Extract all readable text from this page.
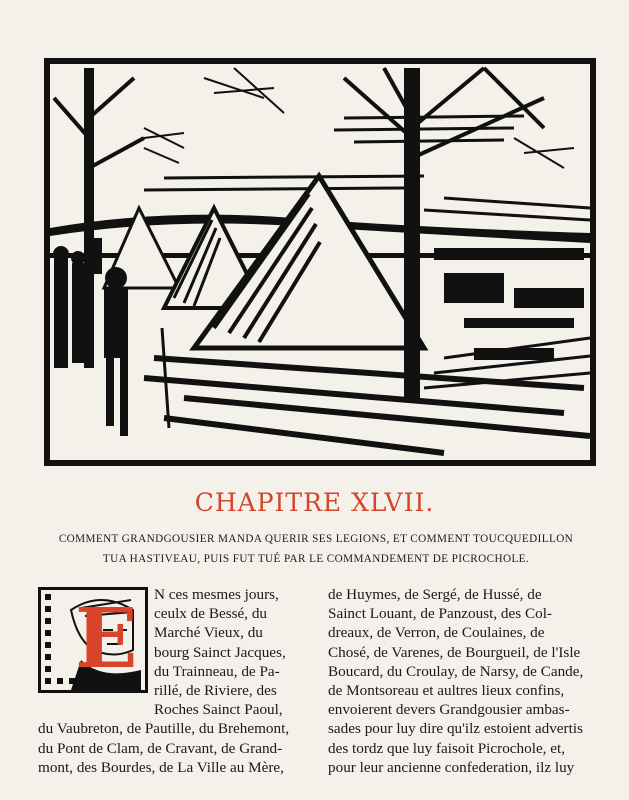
CHAPITRE XLVII.
COMMENT GRANDGOUSIER MANDA QUERIR SES LEGIONS, ET COMMENT TOUCQUEDILLON
TUA HASTIVEAU, PUIS FUT TUÉ PAR LE COMMANDEMENT DE PICROCHOLE.
E	N ces mesmes jours,
ceulx de Bessé, du
Marché Vieux, du
bourg Sainct Jacques,
du Trainneau, de Pa-
rillé, de Riviere, des
Roches Sainct Paoul,
du Vaubreton, de Pautille, du Brehemont,
du Pont de Clam, de Cravant, de Grand-
mont, des Bourdes, de La Ville au Mère,
de Huymes, de Sergé, de Hussé, de
Sainct Louant, de Panzoust, des Col-
dreaux, de Verron, de Coulaines, de
Chosé, de Varenes, de Bourgueil, de l'Isle
Boucard, du Croulay, de Narsy, de Cande,
de Montsoreau et aultres lieux confins,
envoierent devers Grandgousier ambas-
sades pour luy dire qu'ilz estoient advertis
des tordz que luy faisoit Picrochole, et,
pour leur ancienne confederation, ilz luy
